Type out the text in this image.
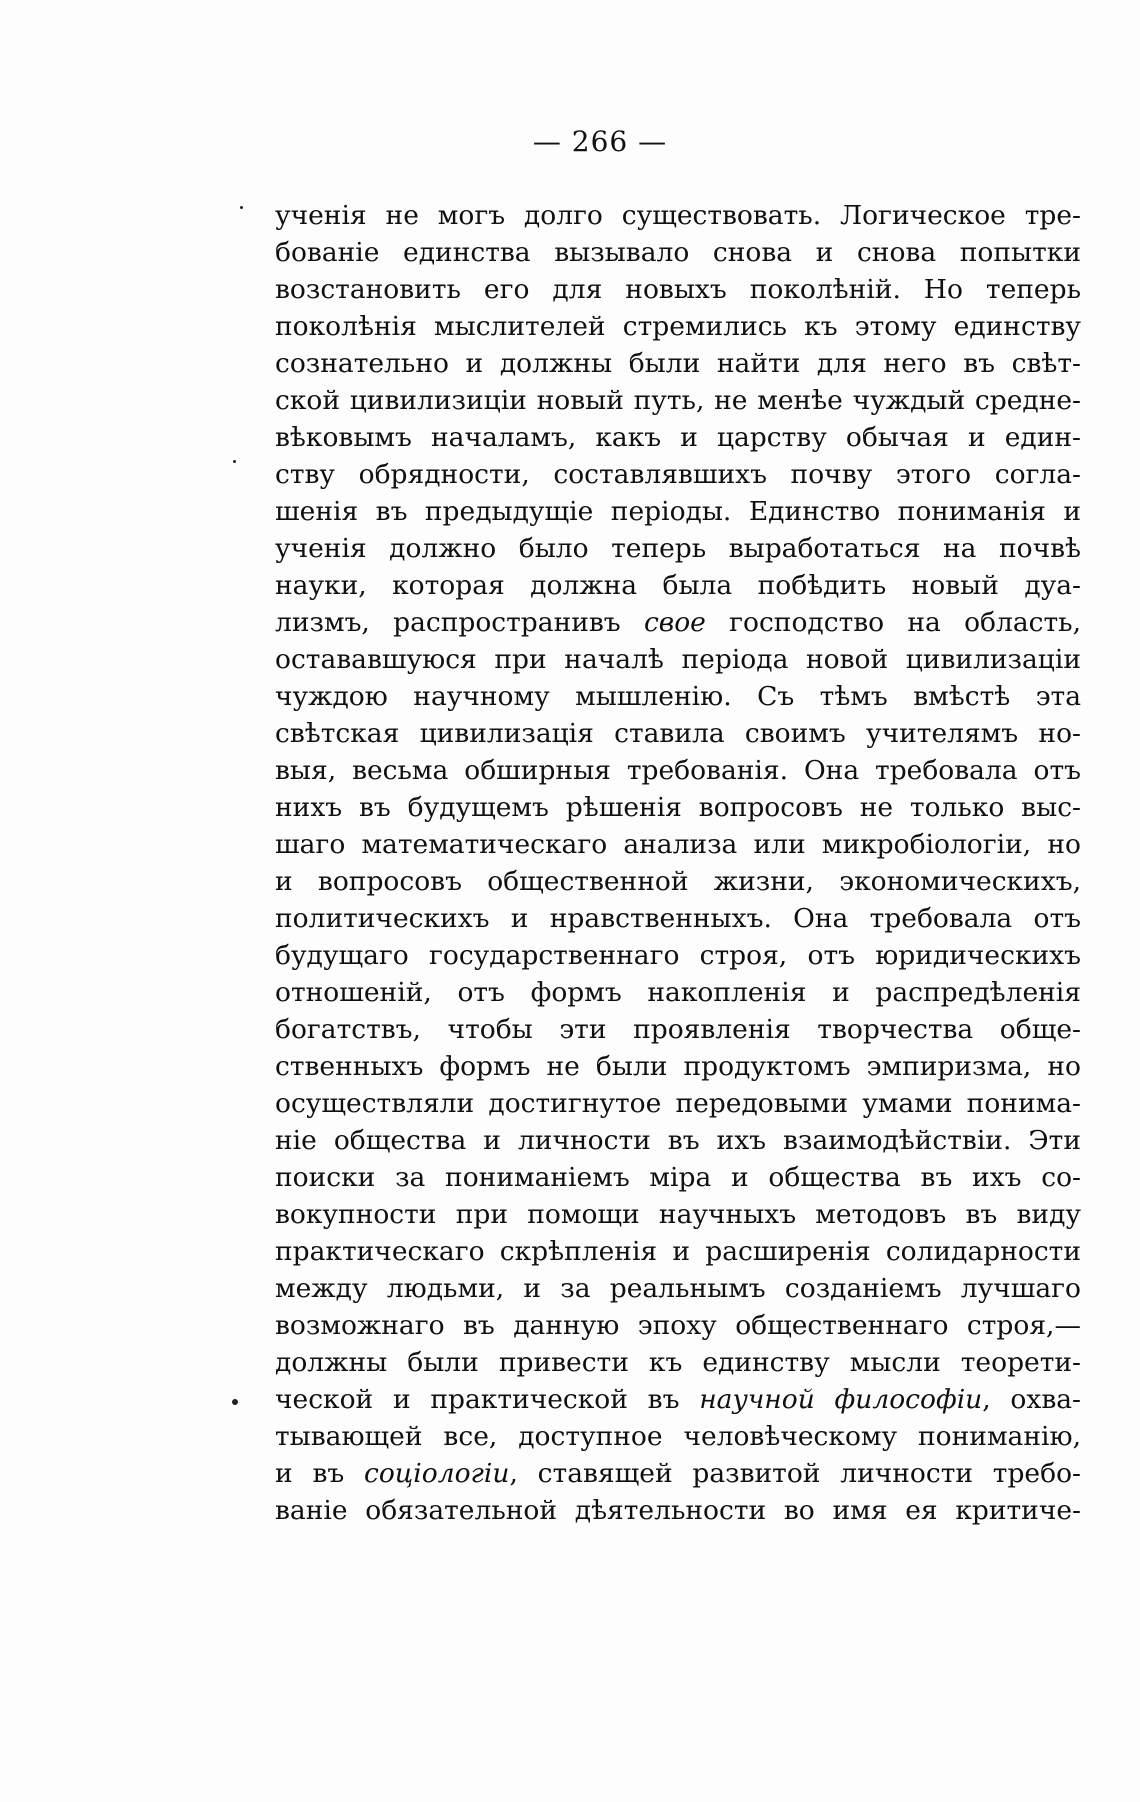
— 266 —
ученія не могъ долго существовать. Логическое тре-
бованіе единства вызывало снова и снова попытки
возстановить его для новыхъ поколѣній. Но теперь
поколѣнія мыслителей стремились къ этому единству
сознательно и должны были найти для него въ свѣт-
ской цивилизиціи новый путь, не менѣе чуждый средне-
вѣковымъ началамъ, какъ и царству обычая и един-
ству обрядности, составлявшихъ почву этого согла-
шенія въ предыдущіе періоды. Единство пониманія и
ученія должно было теперь выработаться на почвѣ
науки, которая должна была побѣдить новый дуа-
лизмъ, распространивъ свое господство на область,
остававшуюся при началѣ періода новой цивилизаціи
чуждою научному мышленію. Съ тѣмъ вмѣстѣ эта
свѣтская цивилизація ставила своимъ учителямъ но-
выя, весьма обширныя требованія. Она требовала отъ
нихъ въ будущемъ рѣшенія вопросовъ не только выс-
шаго математическаго анализа или микробіологіи, но
и вопросовъ общественной жизни, экономическихъ,
политическихъ и нравственныхъ. Она требовала отъ
будущаго государственнаго строя, отъ юридическихъ
отношеній, отъ формъ накопленія и распредѣленія
богатствъ, чтобы эти проявленія творчества обще-
ственныхъ формъ не были продуктомъ эмпиризма, но
осуществляли достигнутое передовыми умами понима-
ніе общества и личности въ ихъ взаимодѣйствіи. Эти
поиски за пониманіемъ міра и общества въ ихъ со-
вокупности при помощи научныхъ методовъ въ виду
практическаго скрѣпленія и расширенія солидарности
между людьми, и за реальнымъ созданіемъ лучшаго
возможнаго въ данную эпоху общественнаго строя,—
должны были привести къ единству мысли теорети-
ческой и практической въ научной философіи, охва-
тывающей все, доступное человѣческому пониманію,
и въ соціологіи, ставящей развитой личности требо-
ваніе обязательной дѣятельности во имя ея критиче-
